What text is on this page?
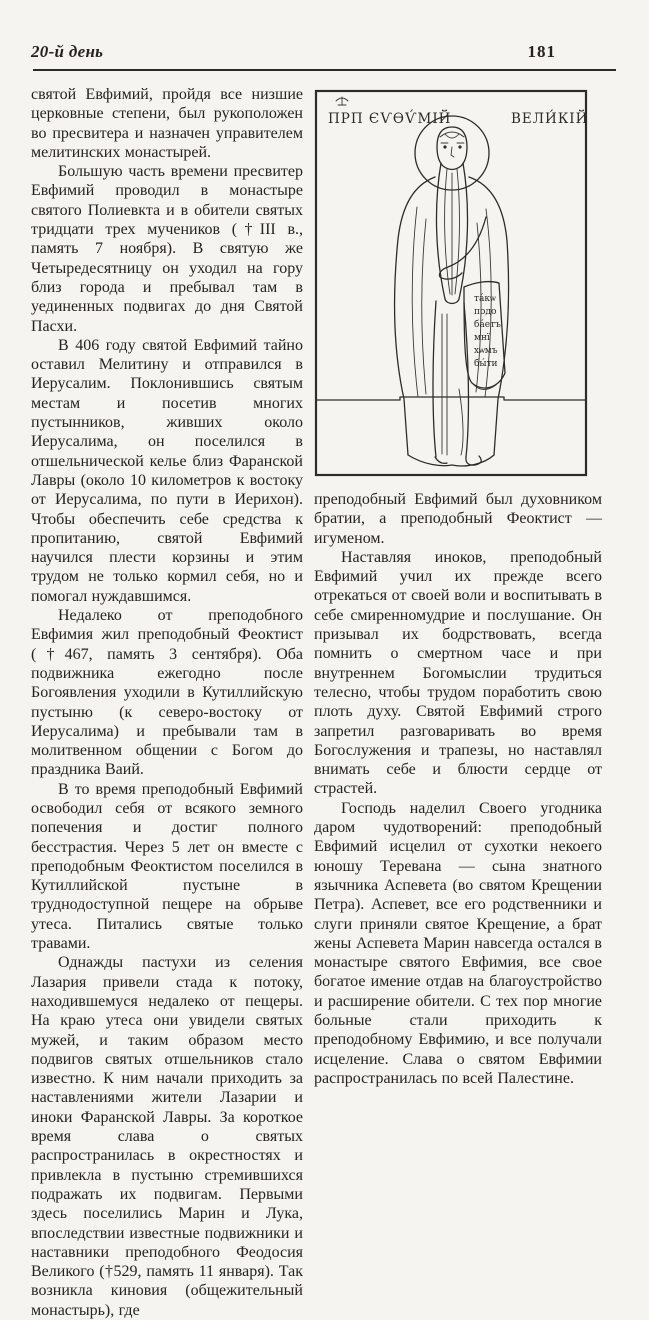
20-й день	181

святой Евфимий, пройдя все низшие церковные степени, был рукоположен во пресвитера и назначен управителем мелитинских монастырей.

Большую часть времени пресвитер Евфимий проводил в монастыре святого Полиевкта и в обители святых тридцати трех мучеников (†III в., память 7 ноября). В святую же Четыредесятницу он уходил на гору близ города и пребывал там в уединенных подвигах до дня Святой Пасхи.

В 406 году святой Евфимий тайно оставил Мелитину и отправился в Иерусалим. Поклонившись святым местам и посетив многих пустынников, живших около Иерусалима, он поселился в отшельнической келье близ Фаранской Лавры (около 10 километров к востоку от Иерусалима, по пути в Иерихон). Чтобы обеспечить себе средства к пропитанию, святой Евфимий научился плести корзины и этим трудом не только кормил себя, но и помогал нуждавшимся.

Недалеко от преподобного Евфимия жил преподобный Феоктист (†467, память 3 сентября). Оба подвижника ежегодно после Богоявления уходили в Кутиллийскую пустыню (к северо-востоку от Иерусалима) и пребывали там в молитвенном общении с Богом до праздника Ваий.

В то время преподобный Евфимий освободил себя от всякого земного попечения и достиг полного бесстрастия. Через 5 лет он вместе с преподобным Феоктистом поселился в Кутиллийской пустыне в труднодоступной пещере на обрыве утеса. Питались святые только травами.

Однажды пастухи из селения Лазария привели стада к потоку, находившемуся недалеко от пещеры. На краю утеса они увидели святых мужей, и таким образом место подвигов святых отшельников стало известно. К ним начали приходить за наставлениями жители Лазарии и иноки Фаранской Лавры. За короткое время слава о святых распространилась в окрестностях и привлекла в пустыню стремившихся подражать их подвигам. Первыми здесь поселились Марин и Лука, впоследствии известные подвижники и наставники преподобного Феодосия Великого (†529, память 11 января). Так возникла киновия (общежительный монастырь), где

ПРП ЄѴѲѴ́МІЙ	ВЕЛИ́КІЙ
та́кѡ
подо
ба́етъ
мнї
хѡмъ
бы́ти

преподобный Евфимий был духовником братии, а преподобный Феоктист — игуменом.

Наставляя иноков, преподобный Евфимий учил их прежде всего отрекаться от своей воли и воспитывать в себе смиренномудрие и послушание. Он призывал их бодрствовать, всегда помнить о смертном часе и при внутреннем Богомыслии трудиться телесно, чтобы трудом поработить свою плоть духу. Святой Евфимий строго запретил разговаривать во время Богослужения и трапезы, но наставлял внимать себе и блюсти сердце от страстей.

Господь наделил Своего угодника даром чудотворений: преподобный Евфимий исцелил от сухотки некоего юношу Теревана — сына знатного язычника Аспевета (во святом Крещении Петра). Аспевет, все его родственники и слуги приняли святое Крещение, а брат жены Аспевета Марин навсегда остался в монастыре святого Евфимия, все свое богатое имение отдав на благоустройство и расширение обители. С тех пор многие больные стали приходить к преподобному Евфимию, и все получали исцеление. Слава о святом Евфимии распространилась по всей Палестине.
